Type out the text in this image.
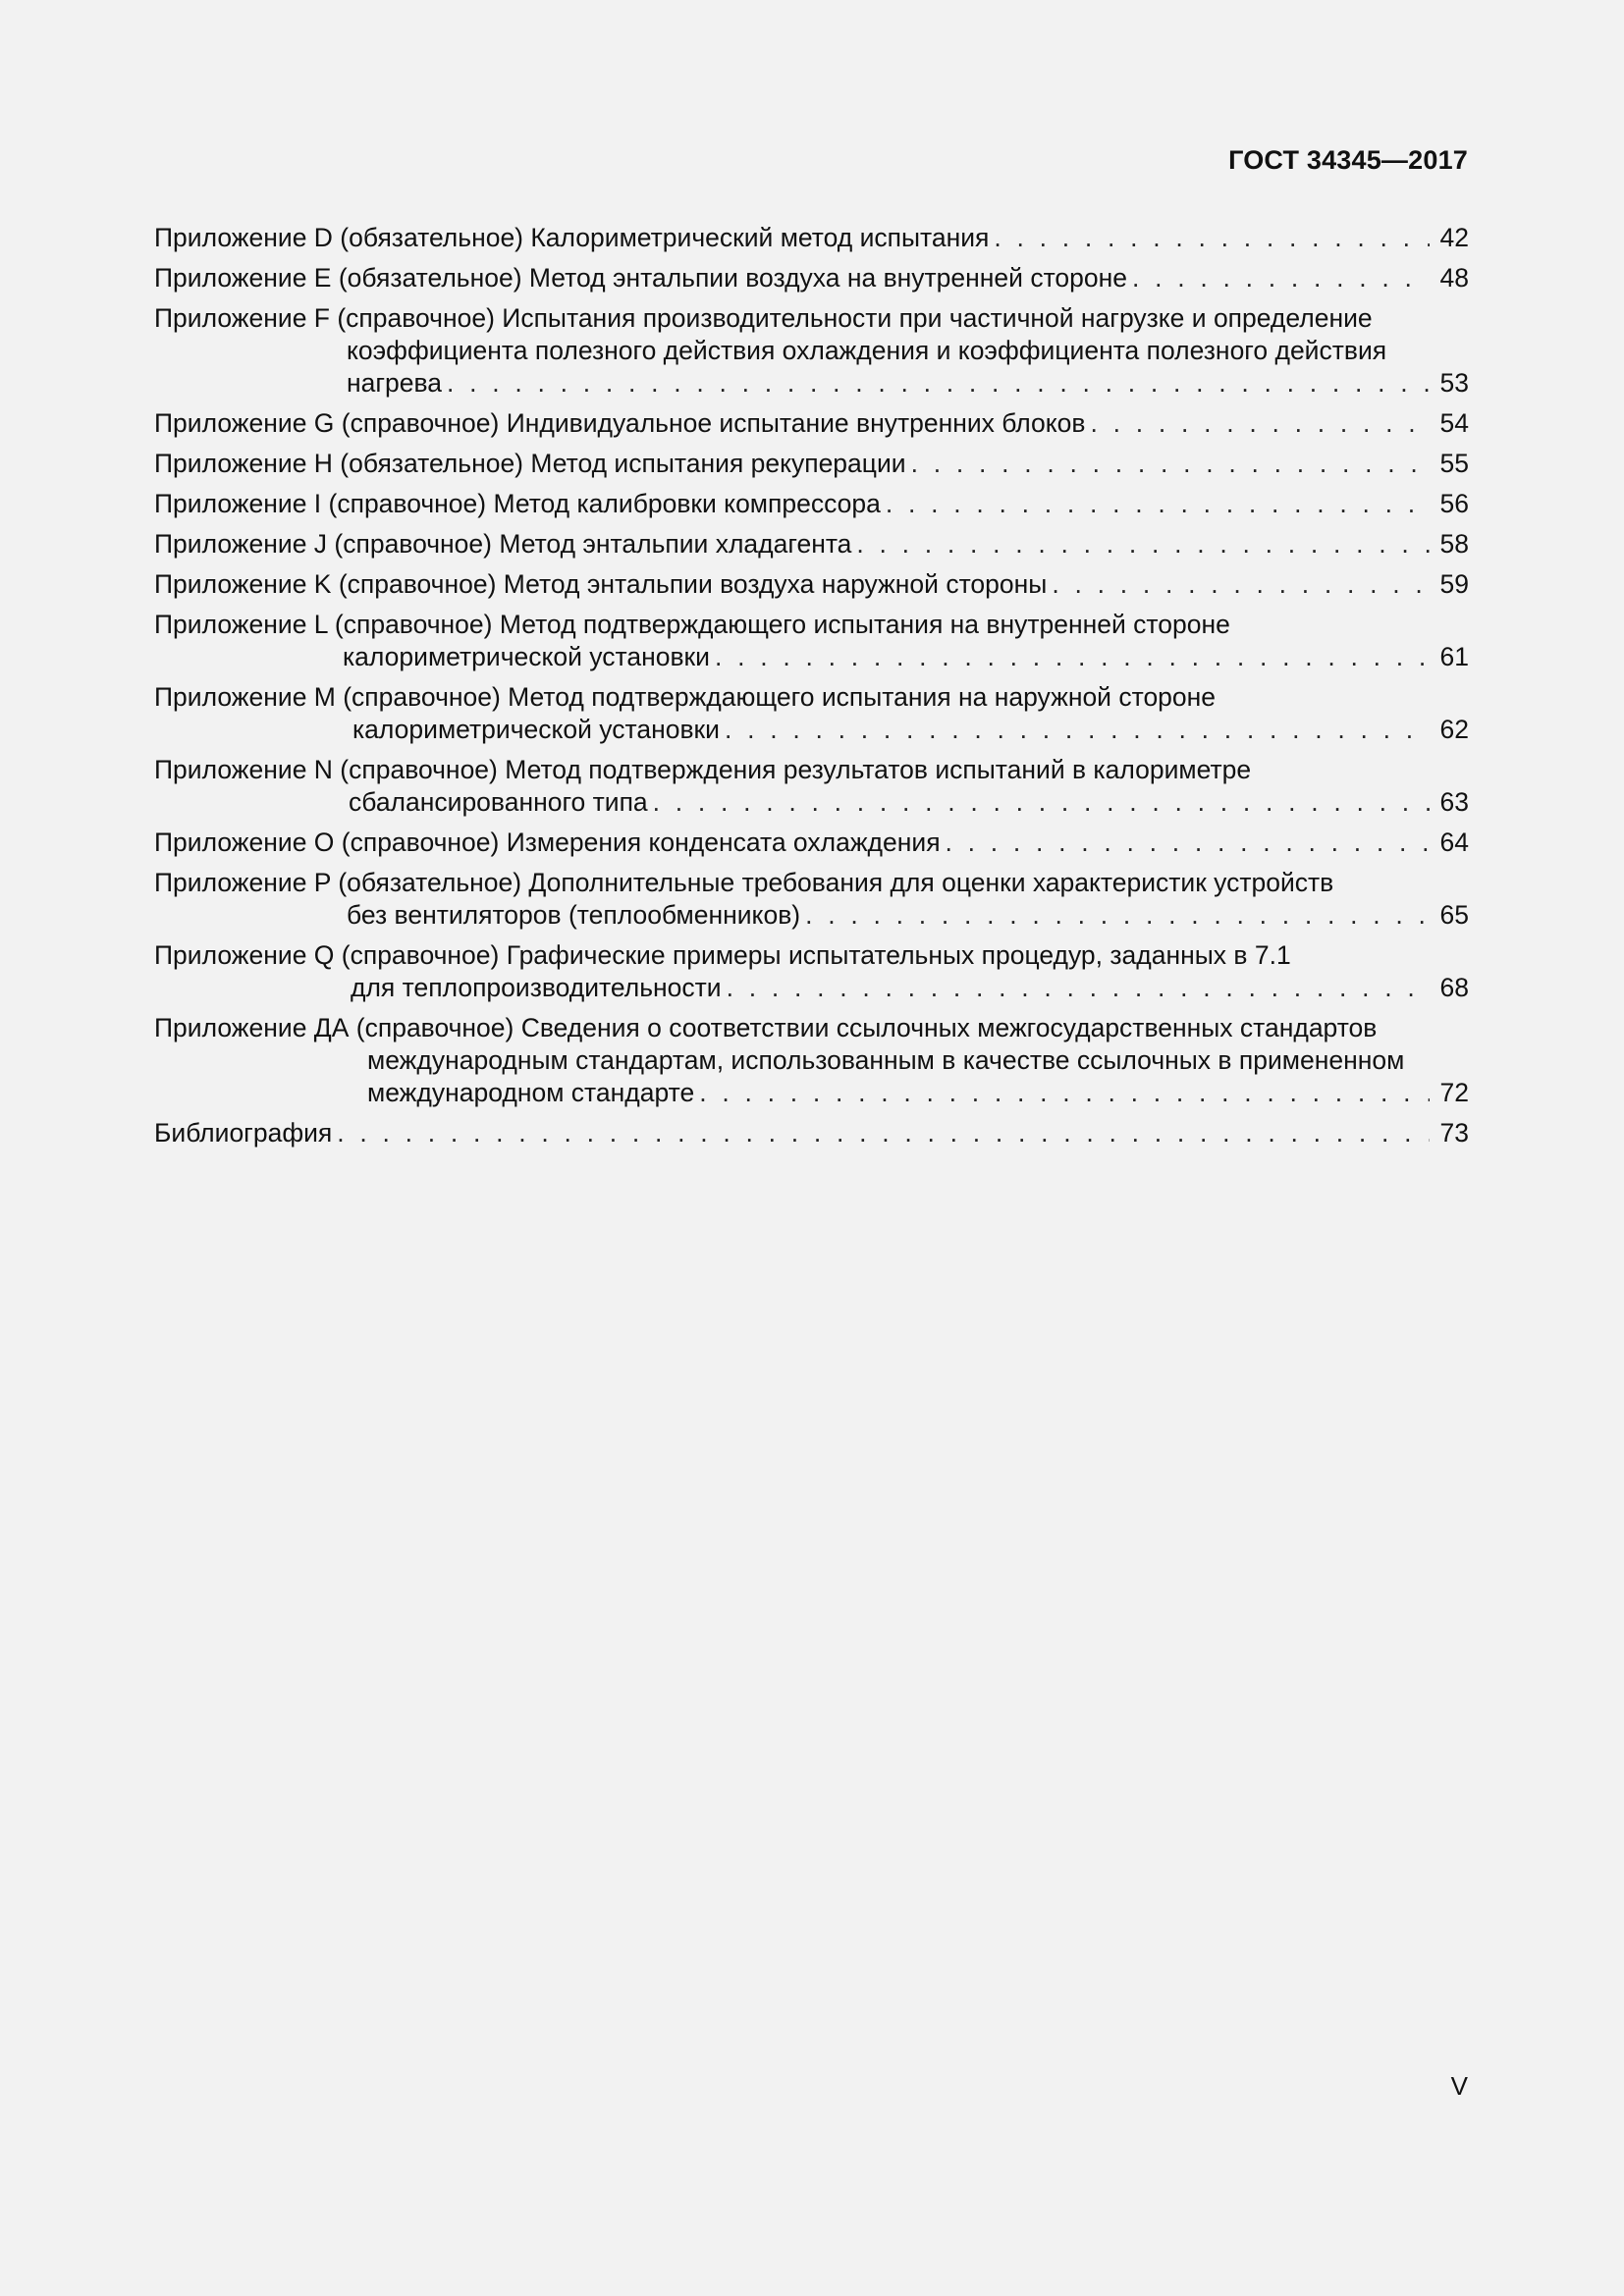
ГОСТ 34345—2017
Приложение D (обязательное) Калориметрический метод испытания . . .	42
Приложение E (обязательное) Метод энтальпии воздуха на внутренней стороне . . .	48
Приложение F (справочное) Испытания производительности при частичной нагрузке и определение
коэффициента полезного действия охлаждения и коэффициента полезного действия
нагрева . . .	53
Приложение G (справочное) Индивидуальное испытание внутренних блоков . . .	54
Приложение H (обязательное) Метод испытания рекуперации . . .	55
Приложение I (справочное) Метод калибровки компрессора . . .	56
Приложение J (справочное) Метод энтальпии хладагента . . .	58
Приложение K (справочное) Метод энтальпии воздуха наружной стороны . . .	59
Приложение L (справочное) Метод подтверждающего испытания на внутренней стороне
калориметрической установки . . .	61
Приложение M (справочное) Метод подтверждающего испытания на наружной стороне
калориметрической установки . . .	62
Приложение N (справочное) Метод подтверждения результатов испытаний в калориметре
сбалансированного типа . . .	63
Приложение O (справочное) Измерения конденсата охлаждения . . .	64
Приложение P (обязательное) Дополнительные требования для оценки характеристик устройств
без вентиляторов (теплообменников) . . .	65
Приложение Q (справочное) Графические примеры испытательных процедур, заданных в 7.1
для теплопроизводительности . . .	68
Приложение ДА (справочное) Сведения о соответствии ссылочных межгосударственных стандартов
международным стандартам, использованным в качестве ссылочных в примененном
международном стандарте . . .	72
Библиография . . .	73
V
